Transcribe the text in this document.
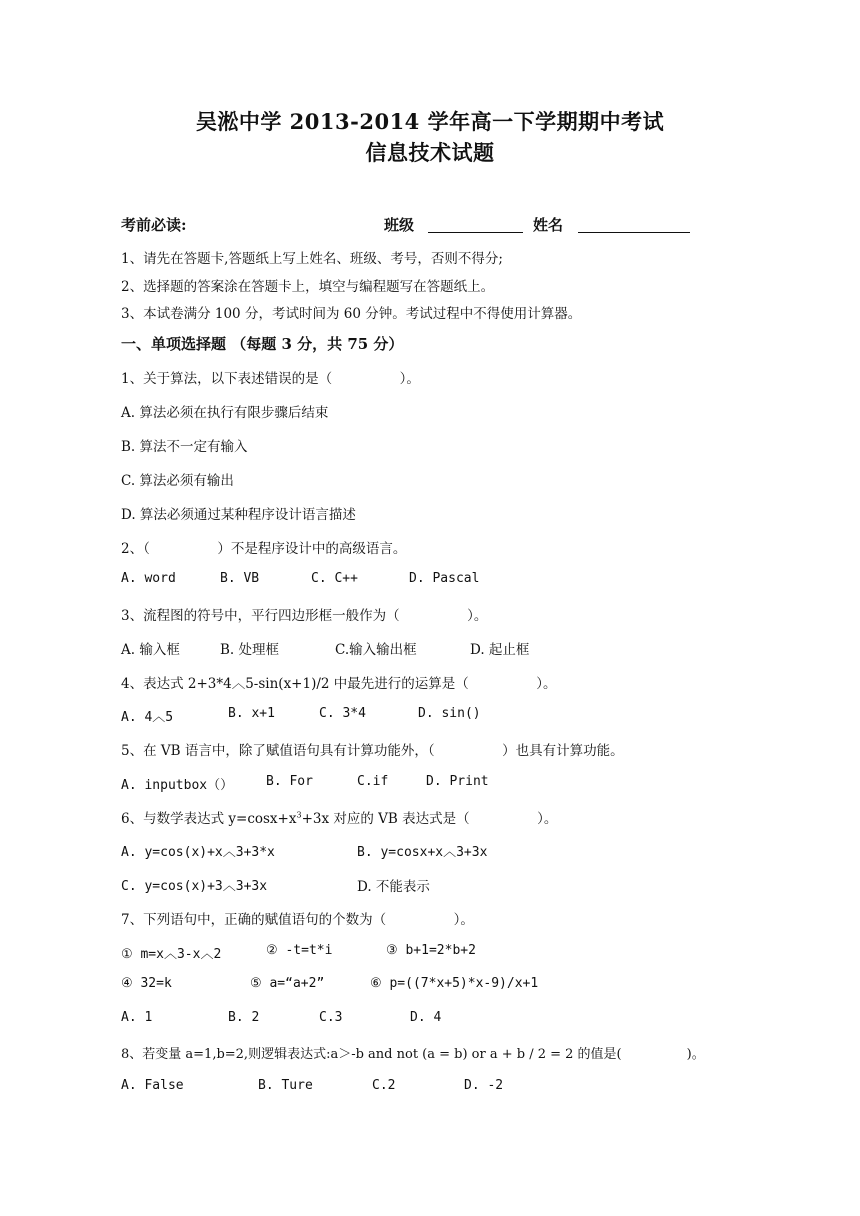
吴淞中学 2013-2014 学年高一下学期期中考试
信息技术试题
考前必读:	班级	姓名
1、请先在答题卡,答题纸上写上姓名、班级、考号，否则不得分;
2、选择题的答案涂在答题卡上，填空与编程题写在答题纸上。
3、本试卷满分 100 分，考试时间为 60 分钟。考试过程中不得使用计算器。
一、单项选择题 （每题 3 分，共 75 分）
1、关于算法，以下表述错误的是（　　　　　）。
A. 算法必须在执行有限步骤后结束
B. 算法不一定有输入
C. 算法必须有输出
D. 算法必须通过某种程序设计语言描述
2、（　　　　　）不是程序设计中的高级语言。
A. word	B. VB	C. C++	D. Pascal
3、流程图的符号中，平行四边形框一般作为（　　　　　）。
A. 输入框	B. 处理框	C.输入输出框	D. 起止框
4、表达式 2+3*4︿5-sin(x+1)/2 中最先进行的运算是（　　　　　）。
A. 4︿5	B. x+1	C. 3*4	D. sin()
5、在 VB 语言中，除了赋值语句具有计算功能外，（　　　　　）也具有计算功能。
A. inputbox（）	B. For	C.if	D. Print
6、与数学表达式 $y=\cos x+x^3+3x$ 对应的 VB 表达式是（　　　　　）。
A. y=cos(x)+x︿3+3*x	B. y=cosx+x︿3+3x
C. y=cos(x)+3︿3+3x	D. 不能表示
7、下列语句中，正确的赋值语句的个数为（　　　　　）。
① m=x︿3-x︿2	② -t=t*i	③ b+1=2*b+2
④ 32=k	⑤ a=“a+2”	⑥ p=((7*x+5)*x-9)/x+1
A. 1	B. 2	C.3	D. 4
8、若变量 a=1,b=2,则逻辑表达式:a＞-b and not (a = b) or a + b / 2 = 2 的值是(　　　　　)。
A. False	B. Ture	C.2	D. -2
